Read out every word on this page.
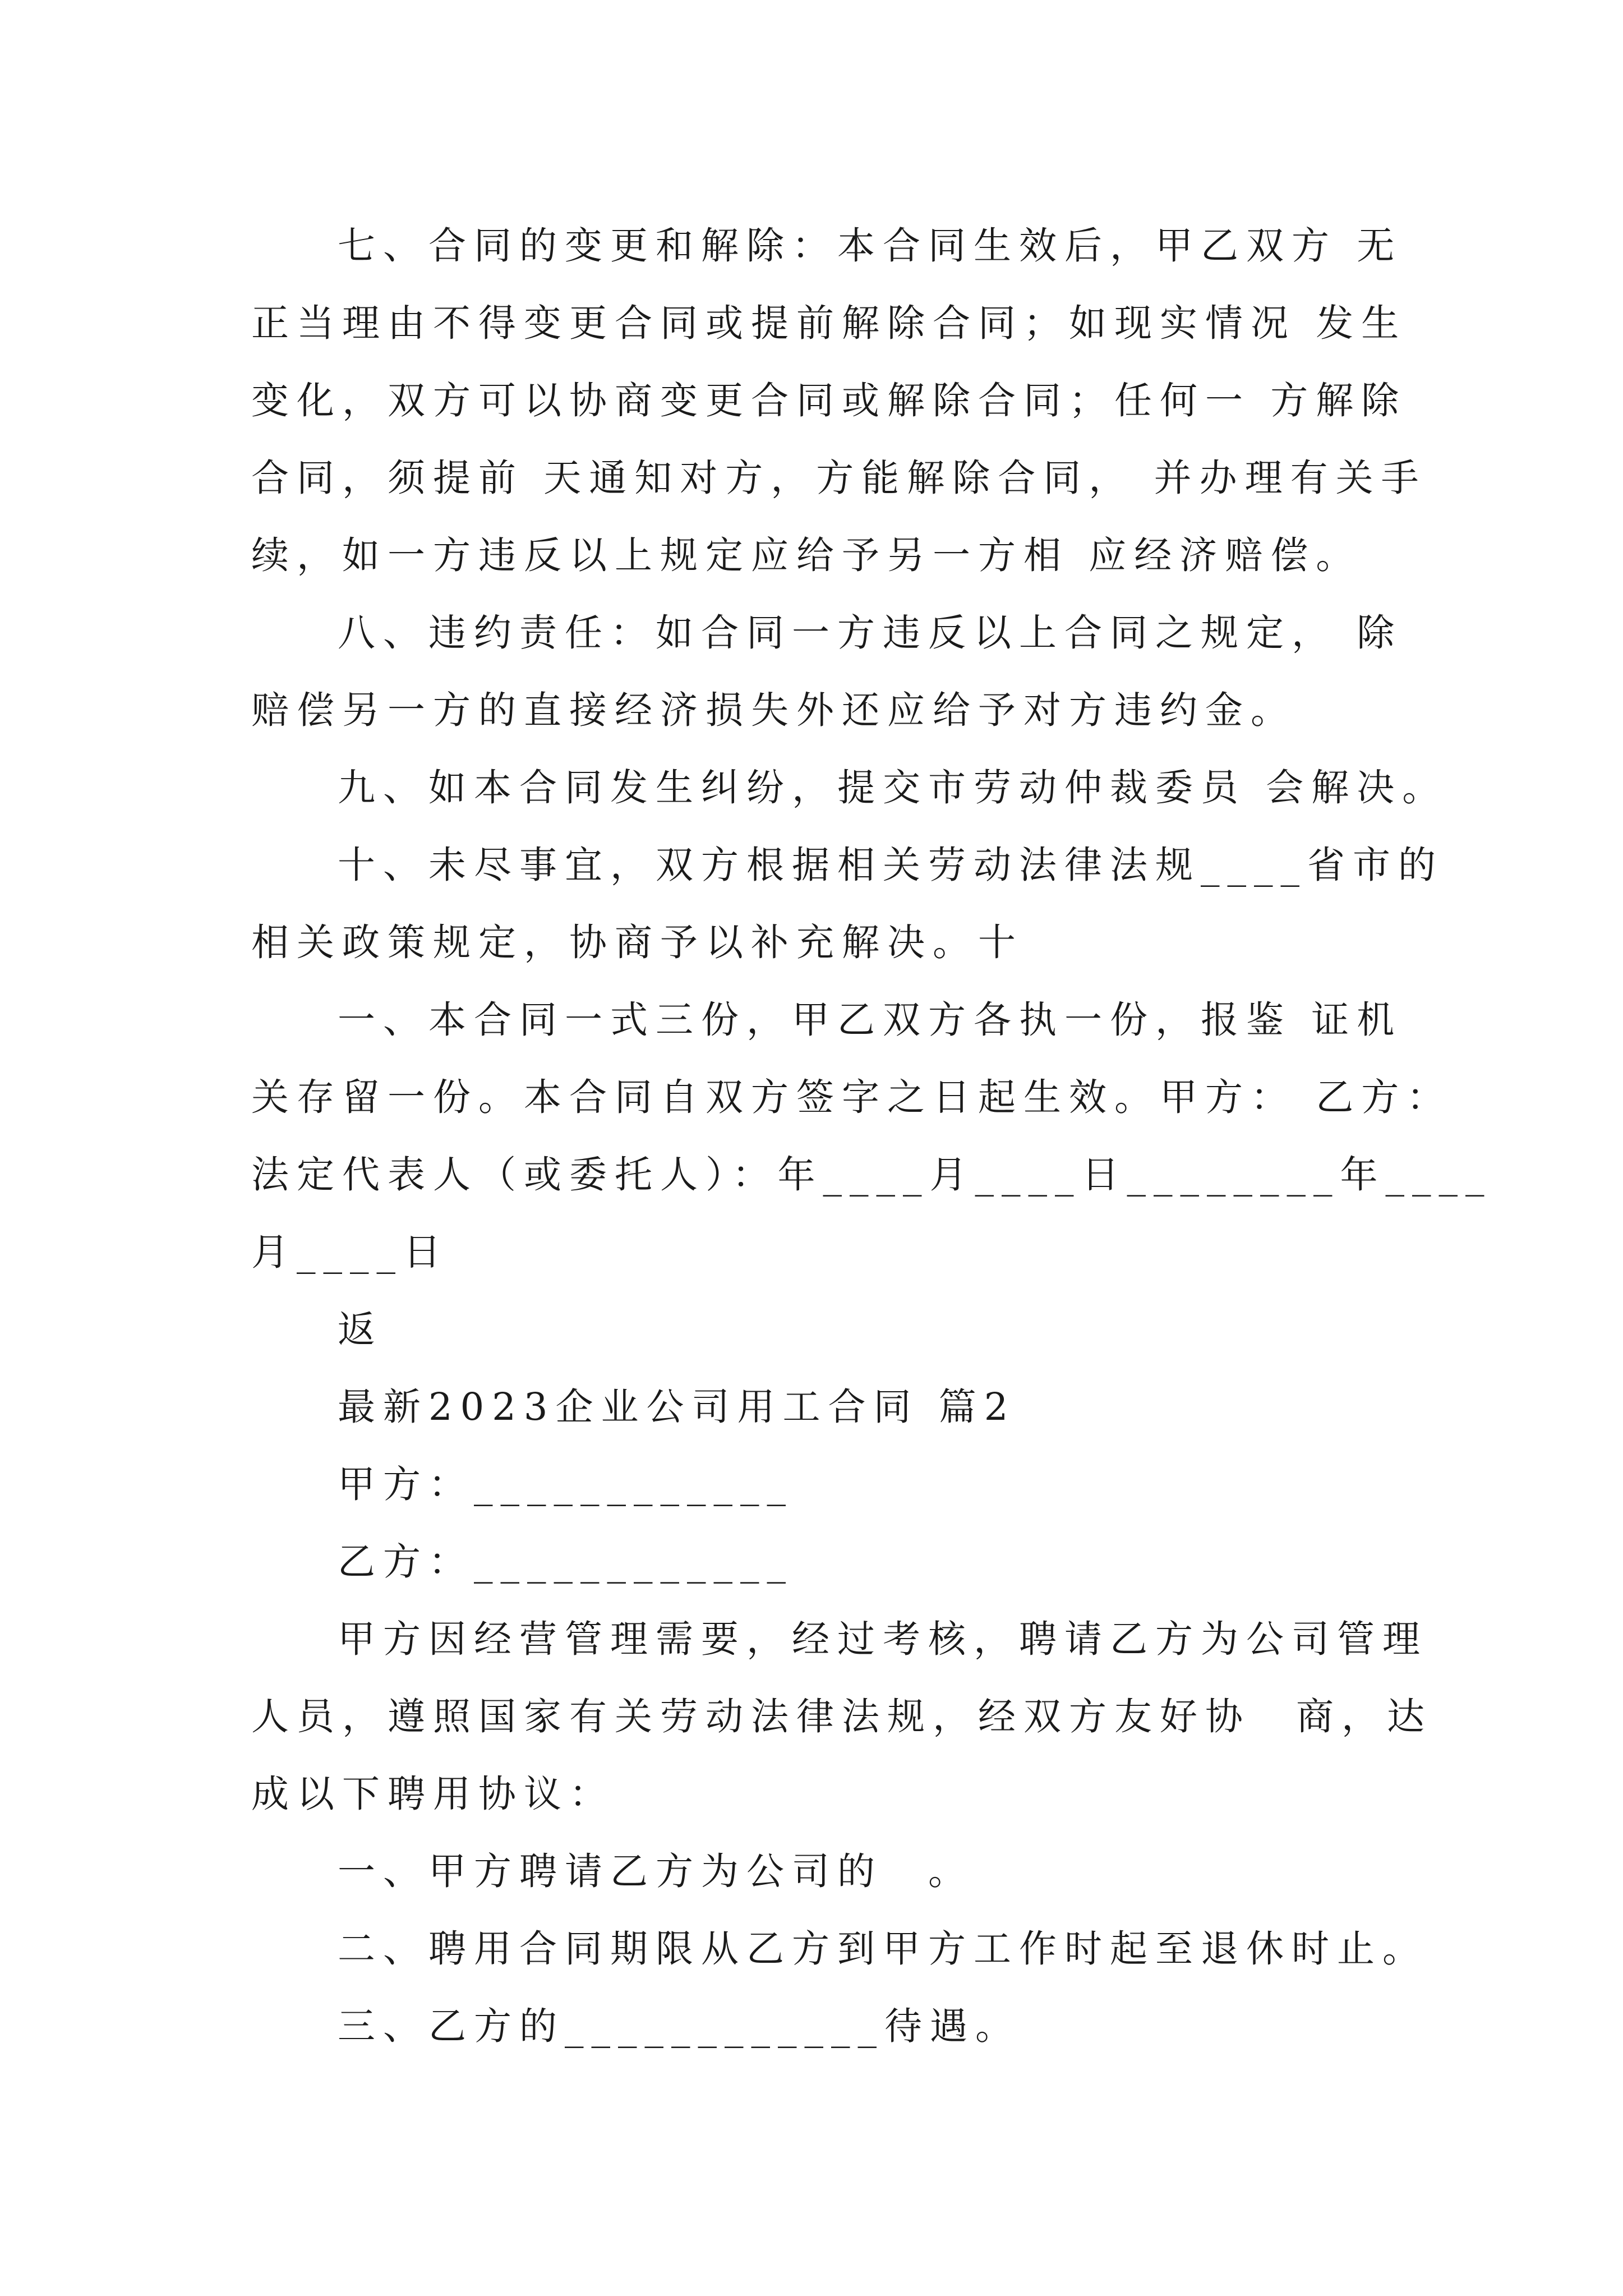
七、合同的变更和解除：本合同生效后，甲乙双方 无
正当理由不得变更合同或提前解除合同；如现实情况 发生
变化，双方可以协商变更合同或解除合同；任何一 方解除
合同，须提前 天通知对方，方能解除合同， 并办理有关手
续，如一方违反以上规定应给予另一方相 应经济赔偿。
八、违约责任：如合同一方违反以上合同之规定， 除
赔偿另一方的直接经济损失外还应给予对方违约金。
九、如本合同发生纠纷，提交市劳动仲裁委员 会解决。
十、未尽事宜，双方根据相关劳动法律法规____省市的
相关政策规定，协商予以补充解决。十
一、本合同一式三份，甲乙双方各执一份，报鉴 证机
关存留一份。本合同自双方签字之日起生效。甲方： 乙方：
法定代表人（或委托人）：年____月____日________年____
月____日
返
最新2023企业公司用工合同 篇2
甲方：____________
乙方：____________
甲方因经营管理需要，经过考核，聘请乙方为公司管理
人员，遵照国家有关劳动法律法规，经双方友好协　商，达
成以下聘用协议：
一、甲方聘请乙方为公司的　。
二、聘用合同期限从乙方到甲方工作时起至退休时止。
三、乙方的____________待遇。
